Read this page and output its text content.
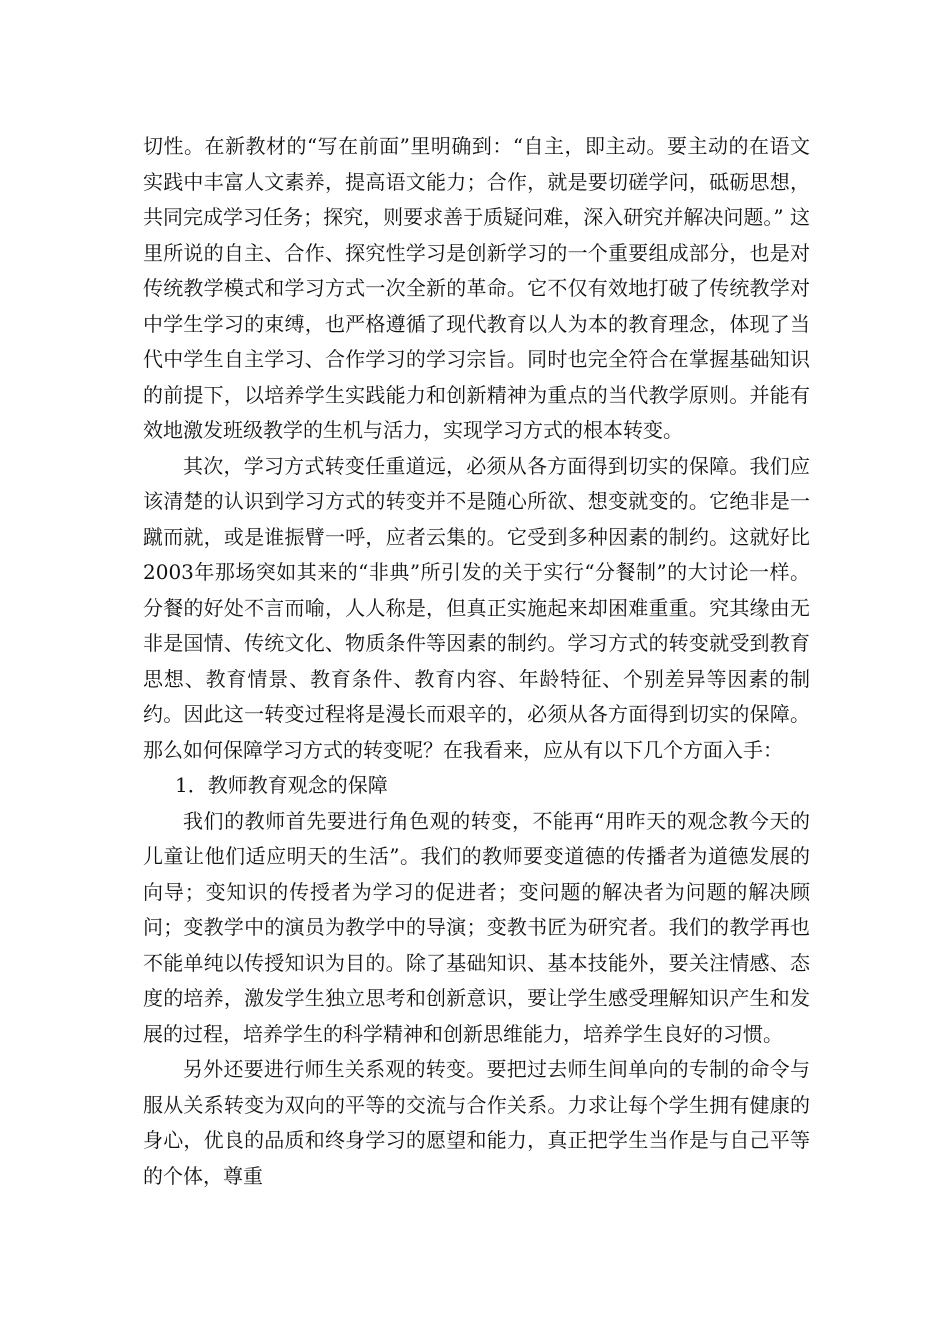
切性。在新教材的“写在前面”里明确到：“自主，即主动。要主动的在语文实践中丰富人文素养，提高语文能力；合作，就是要切磋学问，砥砺思想，共同完成学习任务；探究，则要求善于质疑问难，深入研究并解决问题。” 这里所说的自主、合作、探究性学习是创新学习的一个重要组成部分，也是对传统教学模式和学习方式一次全新的革命。它不仅有效地打破了传统教学对中学生学习的束缚，也严格遵循了现代教育以人为本的教育理念，体现了当代中学生自主学习、合作学习的学习宗旨。同时也完全符合在掌握基础知识的前提下，以培养学生实践能力和创新精神为重点的当代教学原则。并能有效地激发班级教学的生机与活力，实现学习方式的根本转变。

其次，学习方式转变任重道远，必须从各方面得到切实的保障。我们应该清楚的认识到学习方式的转变并不是随心所欲、想变就变的。它绝非是一蹴而就，或是谁振臂一呼，应者云集的。它受到多种因素的制约。这就好比2003年那场突如其来的“非典”所引发的关于实行“分餐制”的大讨论一样。分餐的好处不言而喻，人人称是，但真正实施起来却困难重重。究其缘由无非是国情、传统文化、物质条件等因素的制约。学习方式的转变就受到教育思想、教育情景、教育条件、教育内容、年龄特征、个别差异等因素的制约。因此这一转变过程将是漫长而艰辛的，必须从各方面得到切实的保障。那么如何保障学习方式的转变呢？在我看来，应从有以下几个方面入手：

1．教师教育观念的保障

我们的教师首先要进行角色观的转变，不能再“用昨天的观念教今天的儿童让他们适应明天的生活”。我们的教师要变道德的传播者为道德发展的向导；变知识的传授者为学习的促进者；变问题的解决者为问题的解决顾问；变教学中的演员为教学中的导演；变教书匠为研究者。我们的教学再也不能单纯以传授知识为目的。除了基础知识、基本技能外，要关注情感、态度的培养，激发学生独立思考和创新意识，要让学生感受理解知识产生和发展的过程，培养学生的科学精神和创新思维能力，培养学生良好的习惯。

另外还要进行师生关系观的转变。要把过去师生间单向的专制的命令与服从关系转变为双向的平等的交流与合作关系。力求让每个学生拥有健康的身心，优良的品质和终身学习的愿望和能力，真正把学生当作是与自己平等的个体，尊重
